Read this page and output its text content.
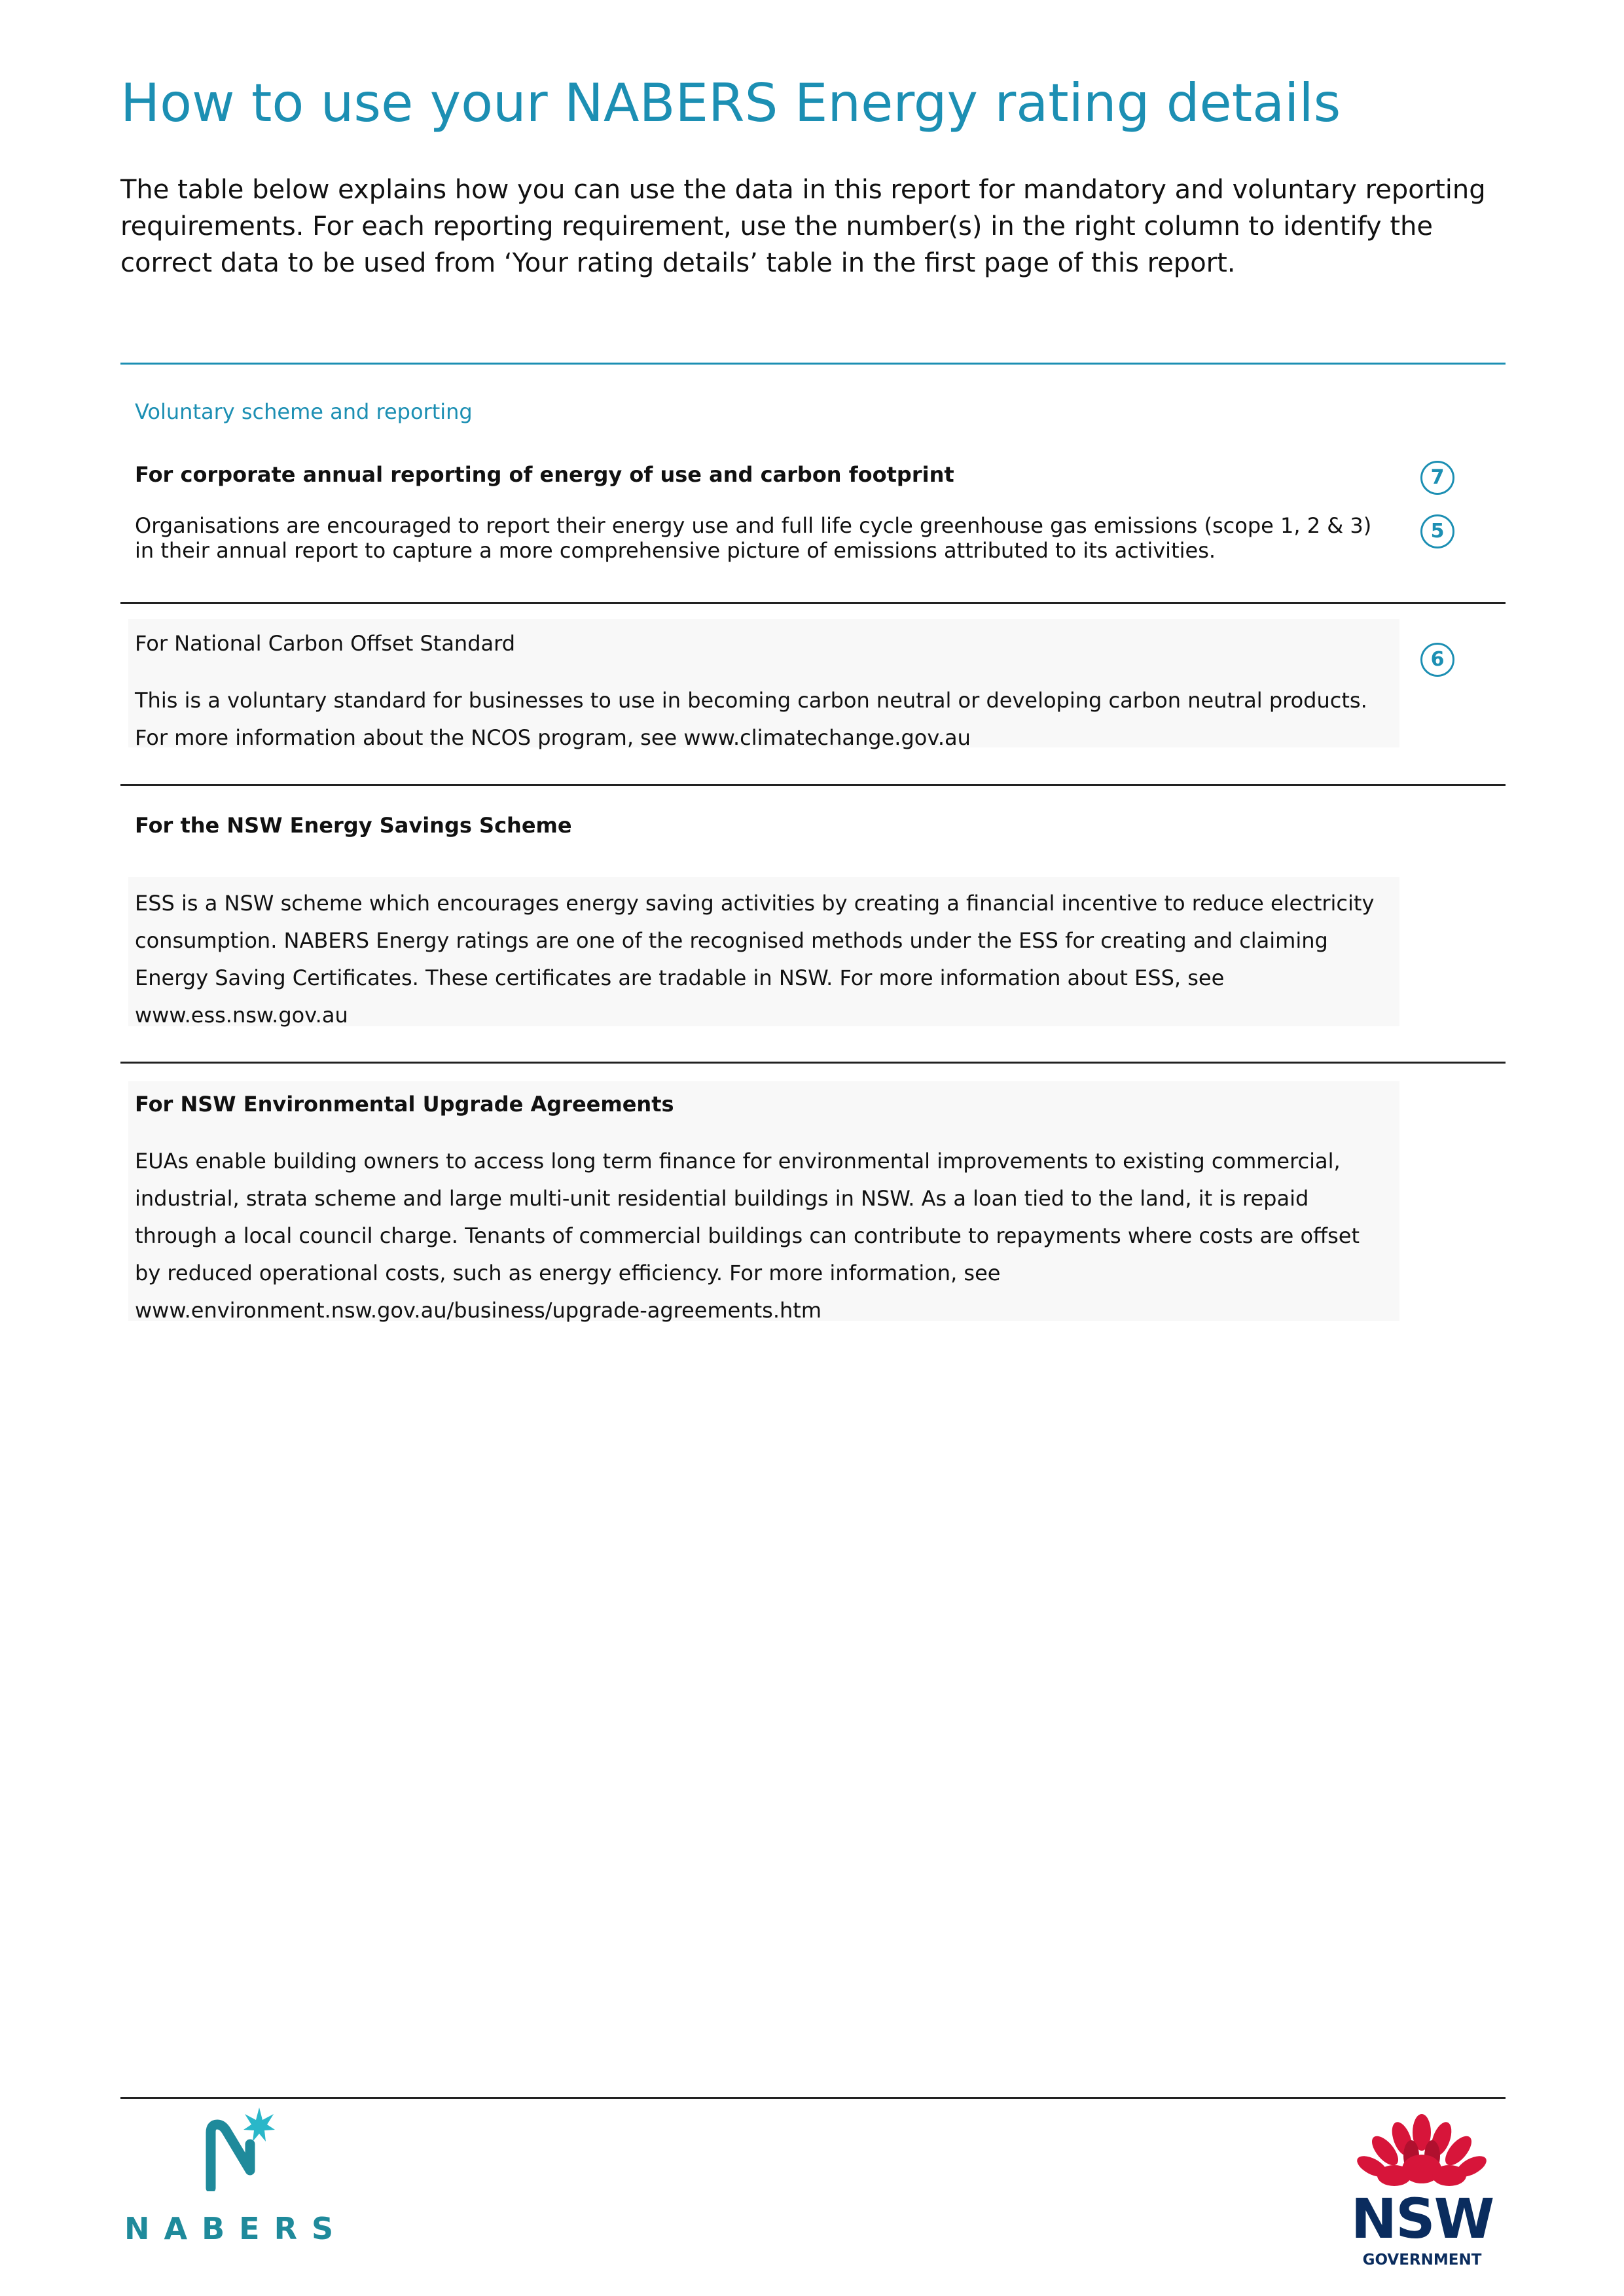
How to use your NABERS Energy rating details

The table below explains how you can use the data in this report for mandatory and voluntary reporting requirements. For each reporting requirement, use the number(s) in the right column to identify the correct data to be used from ‘Your rating details’ table in the first page of this report.

Voluntary scheme and reporting
For corporate annual reporting of energy of use and carbon footprint

Organisations are encouraged to report their energy use and full life cycle greenhouse gas emissions (scope 1, 2 & 3) in their annual report to capture a more comprehensive picture of emissions attributed to its activities.

7
5
For National Carbon Offset Standard

This is a voluntary standard for businesses to use in becoming carbon neutral or developing carbon neutral products. For more information about the NCOS program, see www.climatechange.gov.au

6
For the NSW Energy Savings Scheme

ESS is a NSW scheme which encourages energy saving activities by creating a financial incentive to reduce electricity consumption. NABERS Energy ratings are one of the recognised methods under the ESS for creating and claiming Energy Saving Certificates. These certificates are tradable in NSW. For more information about ESS, see www.ess.nsw.gov.au

For NSW Environmental Upgrade Agreements

EUAs enable building owners to access long term finance for environmental improvements to existing commercial, industrial, strata scheme and large multi-unit residential buildings in NSW. As a loan tied to the land, it is repaid through a local council charge. Tenants of commercial buildings can contribute to repayments where costs are offset by reduced operational costs, such as energy efficiency. For more information, see www.environment.nsw.gov.au/business/upgrade-agreements.htm

NABERS	NSW
GOVERNMENT
